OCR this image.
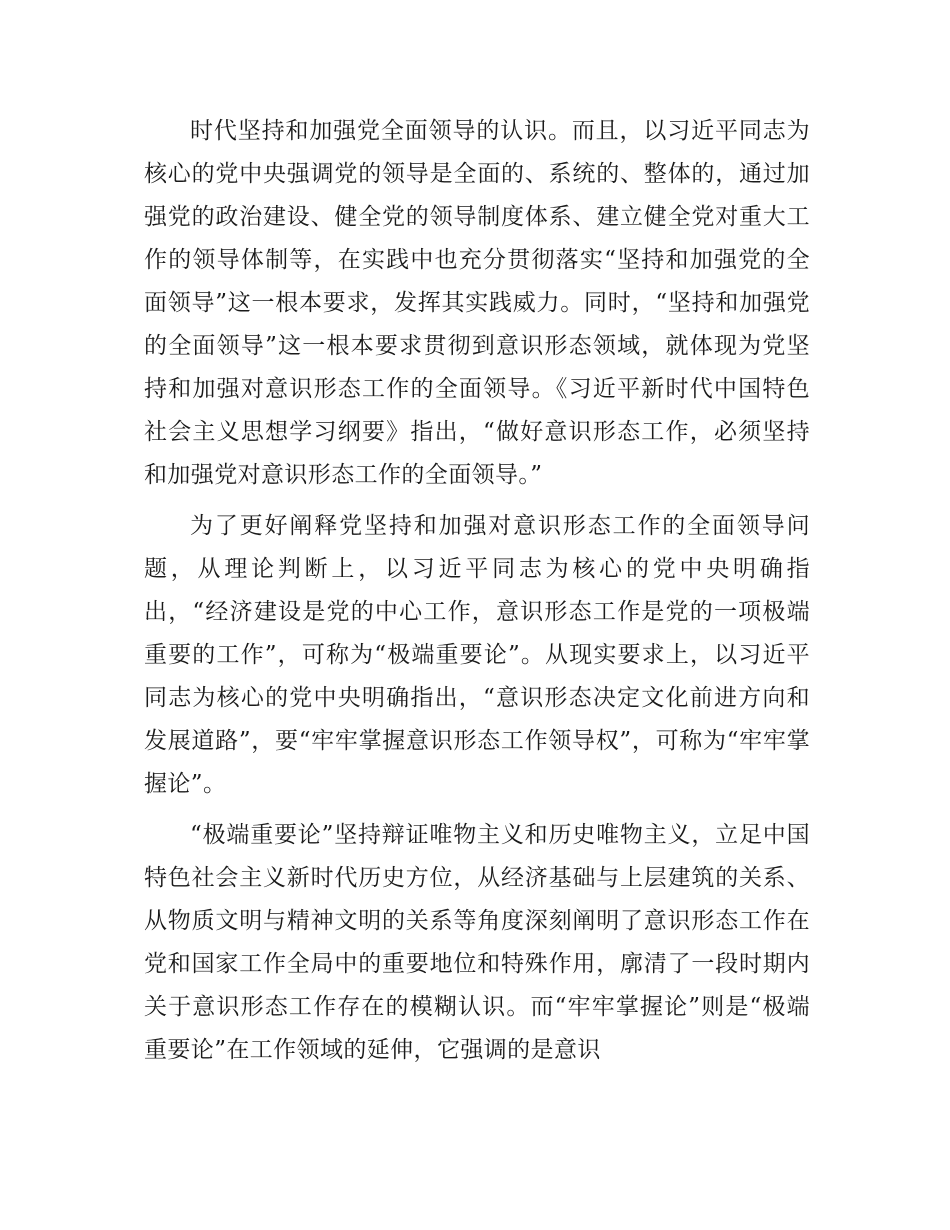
时代坚持和加强党全面领导的认识。而且，以习近平同志为核心的党中央强调党的领导是全面的、系统的、整体的，通过加强党的政治建设、健全党的领导制度体系、建立健全党对重大工作的领导体制等，在实践中也充分贯彻落实“坚持和加强党的全面领导”这一根本要求，发挥其实践威力。同时，“坚持和加强党的全面领导”这一根本要求贯彻到意识形态领域，就体现为党坚持和加强对意识形态工作的全面领导。《习近平新时代中国特色社会主义思想学习纲要》指出，“做好意识形态工作，必须坚持和加强党对意识形态工作的全面领导。”

为了更好阐释党坚持和加强对意识形态工作的全面领导问题，从理论判断上，以习近平同志为核心的党中央明确指出，“经济建设是党的中心工作，意识形态工作是党的一项极端重要的工作”，可称为“极端重要论”。从现实要求上，以习近平同志为核心的党中央明确指出，“意识形态决定文化前进方向和发展道路”，要“牢牢掌握意识形态工作领导权”，可称为“牢牢掌握论”。

“极端重要论”坚持辩证唯物主义和历史唯物主义，立足中国特色社会主义新时代历史方位，从经济基础与上层建筑的关系、从物质文明与精神文明的关系等角度深刻阐明了意识形态工作在党和国家工作全局中的重要地位和特殊作用，廓清了一段时期内关于意识形态工作存在的模糊认识。而“牢牢掌握论”则是“极端重要论”在工作领域的延伸，它强调的是意识
